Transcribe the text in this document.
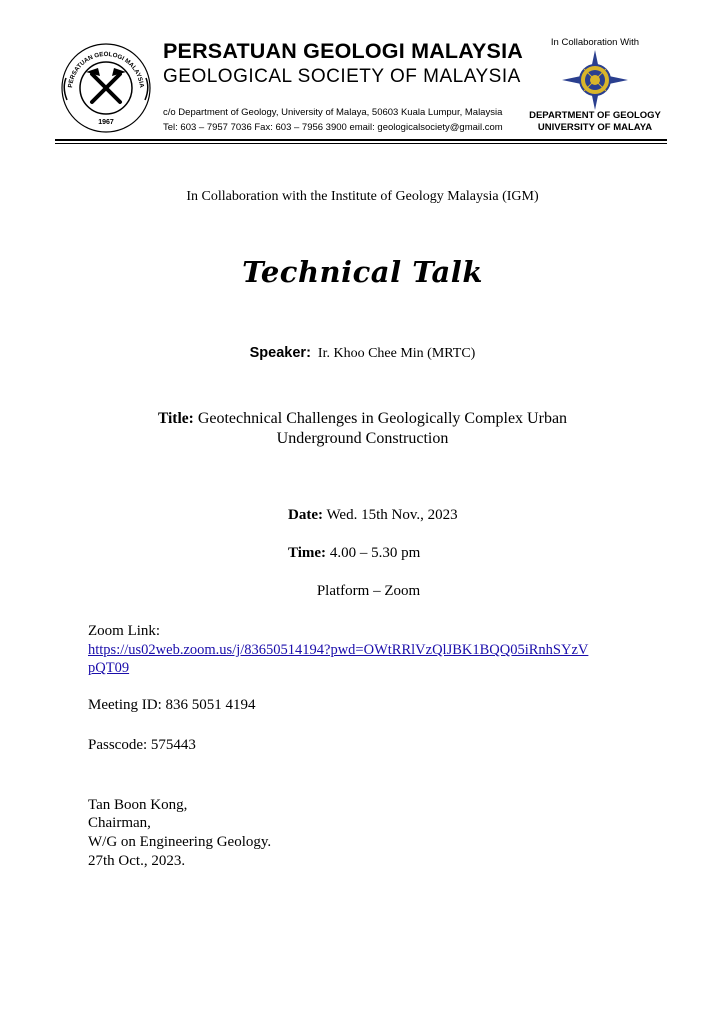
PERSATUAN GEOLOGI MALAYSIA
1967
PERSATUAN GEOLOGI MALAYSIA
GEOLOGICAL SOCIETY OF MALAYSIA
c/o Department of Geology, University of Malaya, 50603 Kuala Lumpur, Malaysia
Tel: 603 – 7957 7036 Fax: 603 – 7956 3900 email: geologicalsociety@gmail.com
In Collaboration With
DEPARTMENT OF GEOLOGY
UNIVERSITY OF MALAYA
In Collaboration with the Institute of Geology Malaysia (IGM)
Technical Talk
Speaker: Ir. Khoo Chee Min (MRTC)
Title: Geotechnical Challenges in Geologically Complex Urban
Underground Construction
Date: Wed. 15th Nov., 2023
Time: 4.00 – 5.30 pm
Platform – Zoom
Zoom Link:
https://us02web.zoom.us/j/83650514194?pwd=OWtRRlVzQlJBK1BQQ05iRnhSYzV
pQT09
Meeting ID: 836 5051 4194
Passcode: 575443
Tan Boon Kong,
Chairman,
W/G on Engineering Geology.
27th Oct., 2023.
